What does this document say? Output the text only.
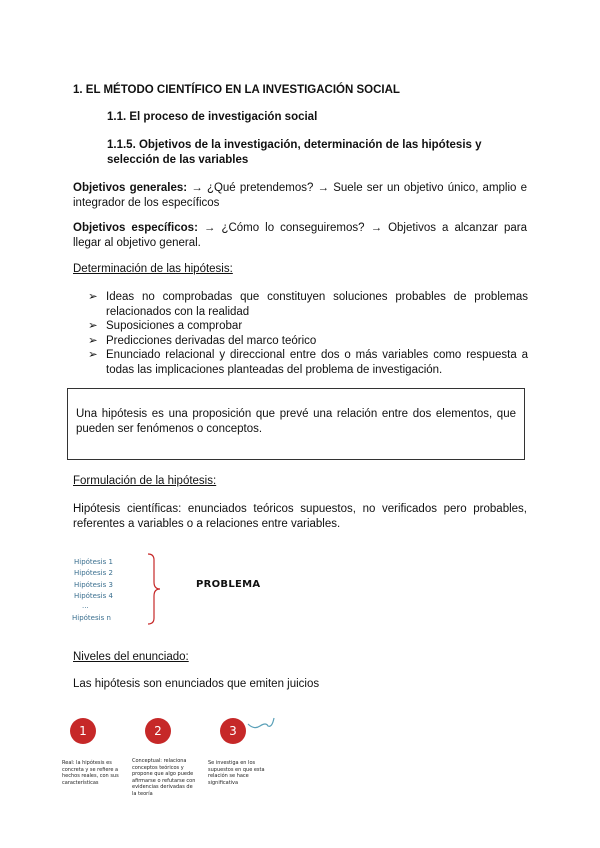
1. EL MÉTODO CIENTÍFICO EN LA INVESTIGACIÓN SOCIAL
1.1. El proceso de investigación social
1.1.5. Objetivos de la investigación, determinación de las hipótesis y selección de las variables
Objetivos generales: → ¿Qué pretendemos? → Suele ser un objetivo único, amplio e integrador de los específicos
Objetivos específicos: → ¿Cómo lo conseguiremos? → Objetivos a alcanzar para llegar al objetivo general.
Determinación de las hipótesis:
➢ Ideas no comprobadas que constituyen soluciones probables de problemas relacionados con la realidad
➢ Suposiciones a comprobar
➢ Predicciones derivadas del marco teórico
➢ Enunciado relacional y direccional entre dos o más variables como respuesta a todas las implicaciones planteadas del problema de investigación.

Una hipótesis es una proposición que prevé una relación entre dos elementos, que pueden ser fenómenos o conceptos.

Formulación de la hipótesis:
Hipótesis científicas: enunciados teóricos supuestos, no verificados pero probables, referentes a variables o a relaciones entre variables.
Hipótesis 1
Hipótesis 2
Hipótesis 3
Hipótesis 4
...
Hipótesis n
PROBLEMA
Niveles del enunciado:
Las hipótesis son enunciados que emiten juicios
1	2	3
Real: la hipótesis es concreta y se refiere a hechos reales, con sus características
Conceptual: relaciona conceptos teóricos y propone que algo puede afirmarse o refutarse con evidencias derivadas de la teoría
Se investiga en los supuestos en que esta relación se hace significativa
